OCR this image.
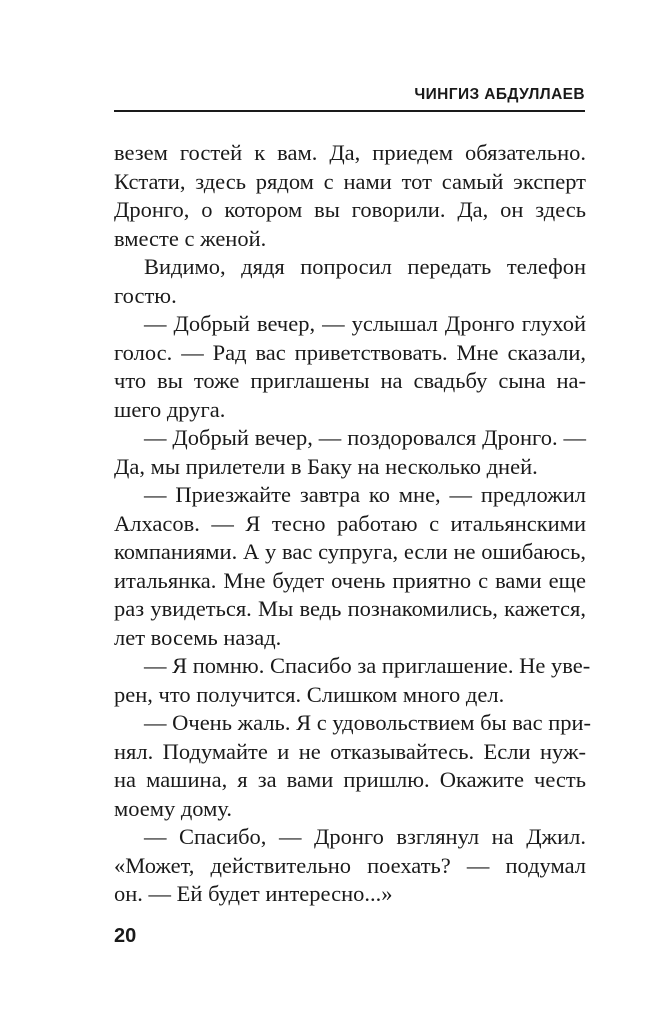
ЧИНГИЗ АБДУЛЛАЕВ

везем гостей к вам. Да, приедем обязательно.
Кстати, здесь рядом с нами тот самый эксперт
Дронго, о котором вы говорили. Да, он здесь
вместе с женой.

Видимо, дядя попросил передать телефон
гостю.

— Добрый вечер, — услышал Дронго глухой
голос. — Рад вас приветствовать. Мне сказали,
что вы тоже приглашены на свадьбу сына на-
шего друга.

— Добрый вечер, — поздоровался Дронго. —
Да, мы прилетели в Баку на несколько дней.

— Приезжайте завтра ко мне, — предложил
Алхасов. — Я тесно работаю с итальянскими
компаниями. А у вас супруга, если не ошибаюсь,
итальянка. Мне будет очень приятно с вами еще
раз увидеться. Мы ведь познакомились, кажется,
лет восемь назад.

— Я помню. Спасибо за приглашение. Не уве-
рен, что получится. Слишком много дел.

— Очень жаль. Я с удовольствием бы вас при-
нял. Подумайте и не отказывайтесь. Если нуж-
на машина, я за вами пришлю. Окажите честь
моему дому.

— Спасибо, — Дронго взглянул на Джил.
«Может, действительно поехать? — подумал
он. — Ей будет интересно...»

20
